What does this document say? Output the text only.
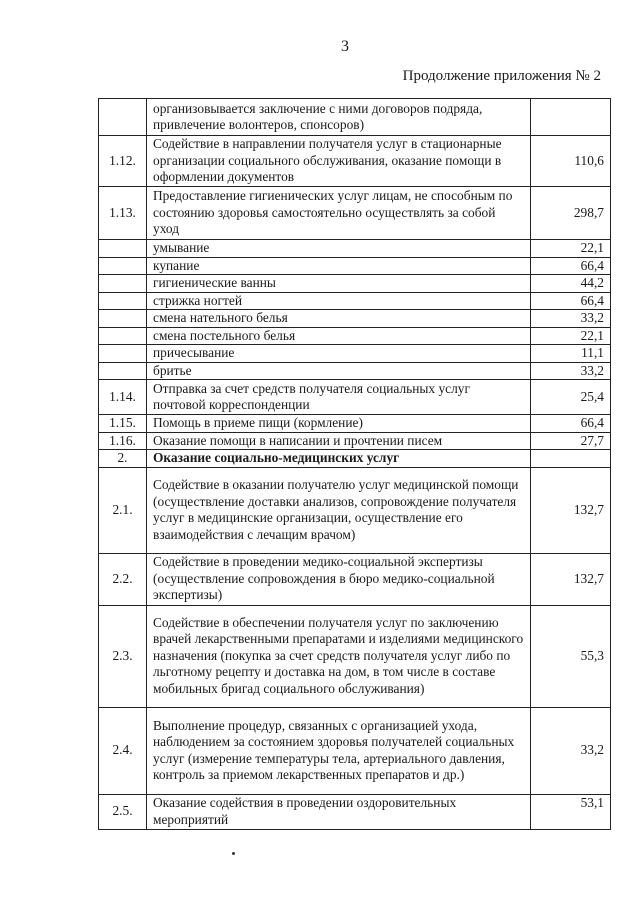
3
Продолжение приложения № 2
	организовывается заключение с ними договоров подряда, привлечение волонтеров, спонсоров)	
1.12.	Содействие в направлении получателя услуг в стационарные организации социального обслуживания, оказание помощи в оформлении документов	110,6
1.13.	Предоставление гигиенических услуг лицам, не способным по состоянию здоровья самостоятельно осуществлять за собой уход	298,7
	умывание	22,1
	купание	66,4
	гигиенические ванны	44,2
	стрижка ногтей	66,4
	смена нательного белья	33,2
	смена постельного белья	22,1
	причесывание	11,1
	бритье	33,2
1.14.	Отправка за счет средств получателя социальных услуг почтовой корреспонденции	25,4
1.15.	Помощь в приеме пищи (кормление)	66,4
1.16.	Оказание помощи в написании и прочтении писем	27,7
2.	Оказание социально-медицинских услуг	
2.1.	Содействие в оказании получателю услуг медицинской помощи (осуществление доставки анализов, сопровождение получателя услуг в медицинские организации, осуществление его взаимодействия с лечащим врачом)	132,7
2.2.	Содействие в проведении медико-социальной экспертизы (осуществление сопровождения в бюро медико-социальной экспертизы)	132,7
2.3.	Содействие в обеспечении получателя услуг по заключению врачей лекарственными препаратами и изделиями медицинского назначения (покупка за счет средств получателя услуг либо по льготному рецепту и доставка на дом, в том числе в составе мобильных бригад социального обслуживания)	55,3
2.4.	Выполнение процедур, связанных с организацией ухода, наблюдением за состоянием здоровья получателей социальных услуг (измерение температуры тела, артериального давления, контроль за приемом лекарственных препаратов и др.)	33,2
2.5.	Оказание содействия в проведении оздоровительных мероприятий	53,1
